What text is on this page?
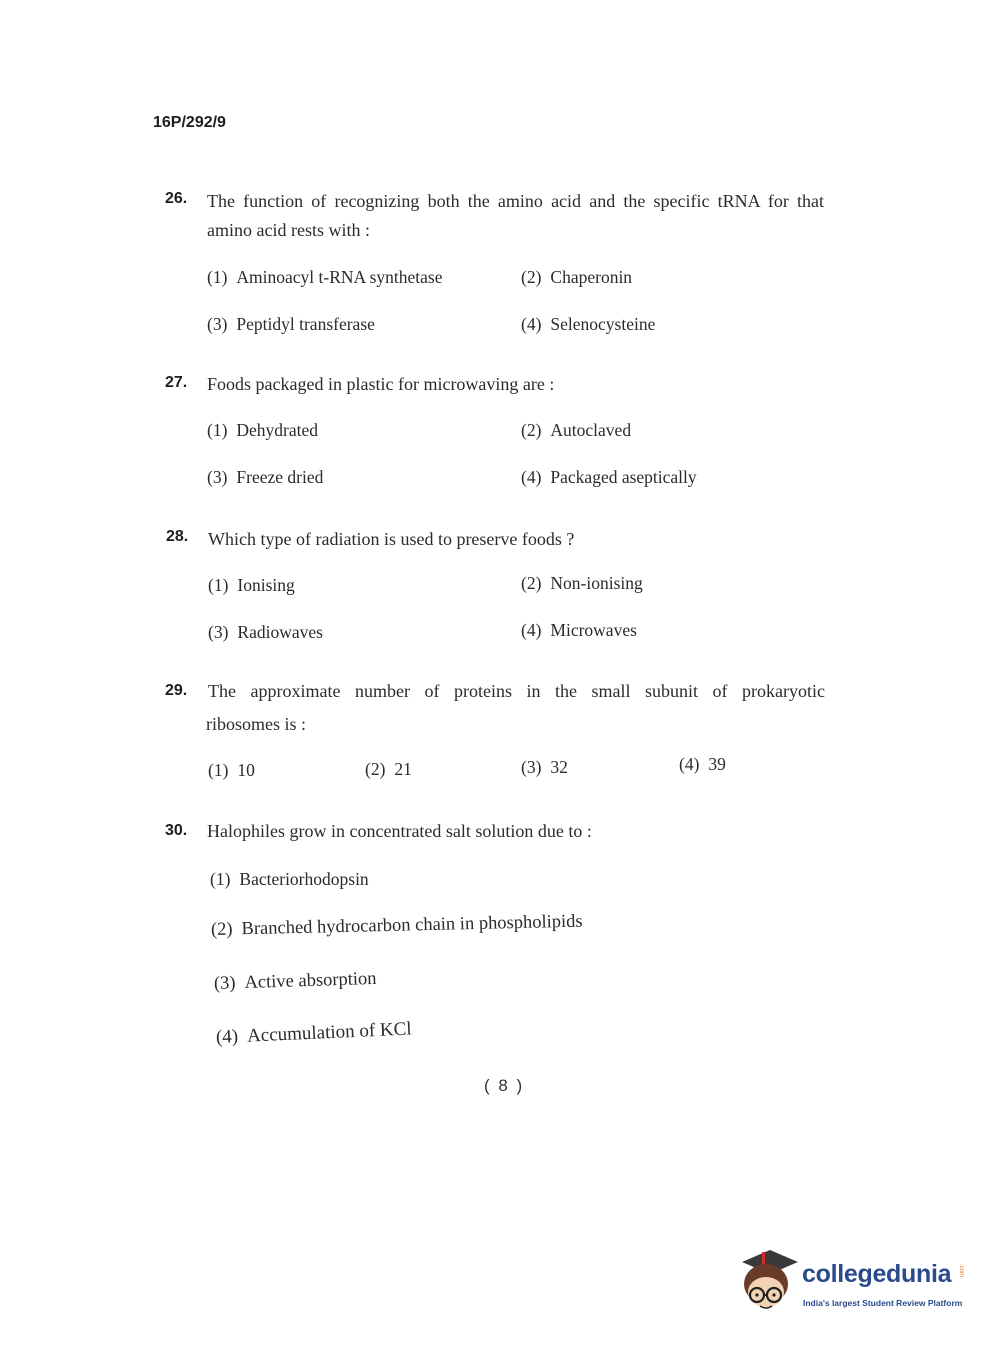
16P/292/9
26. The function of recognizing both the amino acid and the specific tRNA for that
amino acid rests with :
(1) Aminoacyl t-RNA synthetase	(2) Chaperonin
(3) Peptidyl transferase	(4) Selenocysteine
27. Foods packaged in plastic for microwaving are :
(1) Dehydrated	(2) Autoclaved
(3) Freeze dried	(4) Packaged aseptically
28. Which type of radiation is used to preserve foods ?
(1) Ionising	(2) Non-ionising
(3) Radiowaves	(4) Microwaves
29. The approximate number of proteins in the small subunit of prokaryotic
ribosomes is :
(1) 10	(2) 21	(3) 32	(4) 39
30. Halophiles grow in concentrated salt solution due to :
(1) Bacteriorhodopsin
(2) Branched hydrocarbon chain in phospholipids
(3) Active absorption
(4) Accumulation of KCl
( 8 )
collegedunia .com
India's largest Student Review Platform
